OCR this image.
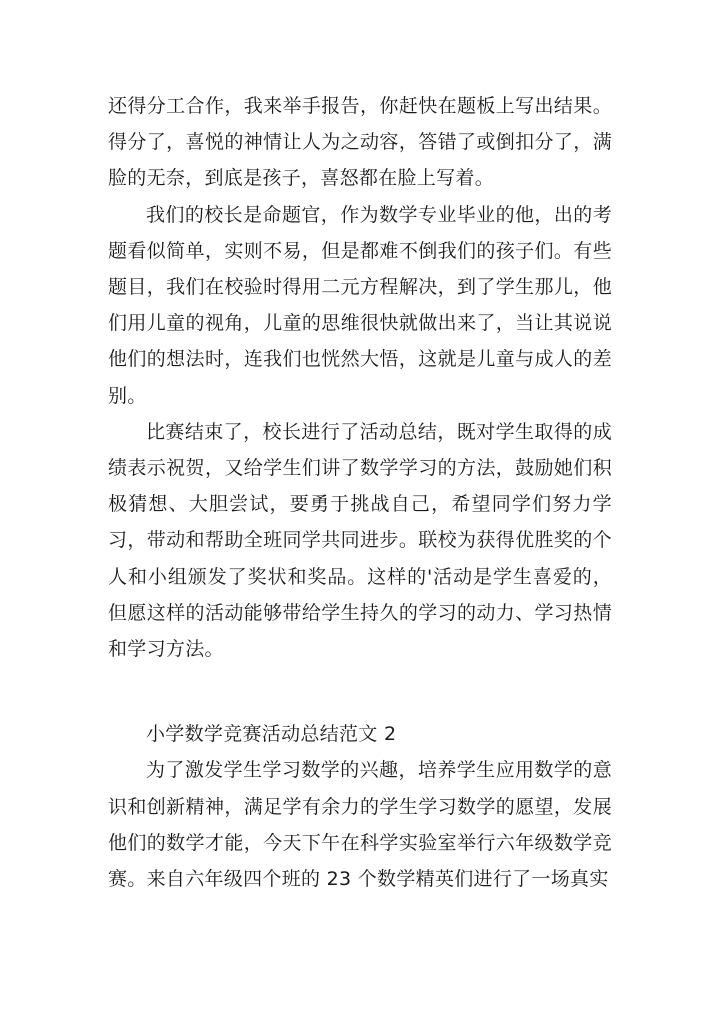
还得分工合作，我来举手报告，你赶快在题板上写出结果。得分了，喜悦的神情让人为之动容，答错了或倒扣分了，满脸的无奈，到底是孩子，喜怒都在脸上写着。

我们的校长是命题官，作为数学专业毕业的他，出的考题看似简单，实则不易，但是都难不倒我们的孩子们。有些题目，我们在校验时得用二元方程解决，到了学生那儿，他们用儿童的视角，儿童的思维很快就做出来了，当让其说说他们的想法时，连我们也恍然大悟，这就是儿童与成人的差别。

比赛结束了，校长进行了活动总结，既对学生取得的成绩表示祝贺，又给学生们讲了数学学习的方法，鼓励她们积极猜想、大胆尝试，要勇于挑战自己，希望同学们努力学习，带动和帮助全班同学共同进步。联校为获得优胜奖的个人和小组颁发了奖状和奖品。这样的'活动是学生喜爱的，但愿这样的活动能够带给学生持久的学习的动力、学习热情和学习方法。

小学数学竞赛活动总结范文 2

为了激发学生学习数学的兴趣，培养学生应用数学的意识和创新精神，满足学有余力的学生学习数学的愿望，发展他们的数学才能，今天下午在科学实验室举行六年级数学竞赛。来自六年级四个班的 23 个数学精英们进行了一场真实
